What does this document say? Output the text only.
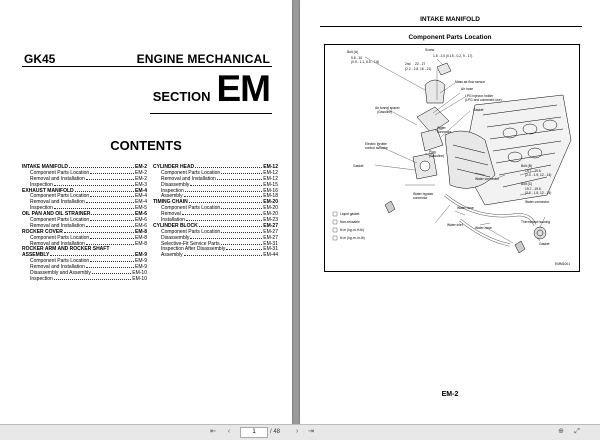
GK45	ENGINE MECHANICAL
SECTION EM
CONTENTS
INTAKE MANIFOLD	EM-2
Component Parts Location	EM-2
Removal and Installation	EM-2
Inspection	EM-3
EXHAUST MANIFOLD	EM-4
Component Parts Location	EM-4
Removal and Installation	EM-4
Inspection	EM-5
OIL PAN AND OIL STRAINER	EM-6
Component Parts Location	EM-6
Removal and Installation	EM-6
ROCKER COVER	EM-8
Component Parts Location	EM-8
Removal and Installation	EM-8
ROCKER ARM AND ROCKER SHAFT
ASSEMBLY	EM-9
Component Parts Location	EM-9
Removal and Installation	EM-9
Disassembly and Assembly	EM-10
Inspection	EM-10
CYLINDER HEAD	EM-12
Component Parts Location	EM-12
Removal and Installation	EM-12
Disassembly	EM-15
Inspection	EM-16
Assembly	EM-18
TIMING CHAIN	EM-20
Component Parts Location	EM-20
Removal	EM-20
Installation	EM-23
CYLINDER BLOCK	EM-27
Component Parts Location	EM-27
Disassembly	EM-27
Selective-Fit Service Parts	EM-31
Inspection After Disassembly	EM-31
Assembly	EM-44
INTAKE MANIFOLD
Component Parts Location
Bolt (A)
9.8 - 10
(0.9 - 1.1, 6.5 - 7.8)
Screw
1.5 - 2.0 (0.15 - 0.2, 9 - 17)
2nd 22 - 27
(2.2 - 2.8, 16 - 21)
Mass air flow sensor
Air hose
LPG injector holder
(LPG and combined use)
Gasket
Air funnel spacer
(Gasoline)
Water
connector
Electric throttle
control actuator
Plug
(Gasoline)
Gasket
Water connector
Bolt (B)
19.7 - 19.6
(2.0 - 1.9, 12 - 14)
Bolt (C)
19.7 - 19.6
(2.0 - 1.9, 12 - 14)
Water bypass
connector
Water connector
Water hose
Water hose
Water inlet
Thermostat housing
Gasket
Liquid gasket
Non-reusable
N·m (kg-m, ft-lb)
N·m (kg-m, in-lb)
EMM1001
EM-2
⇤	‹
1	/ 48	›	⇥	⊕	⤢
